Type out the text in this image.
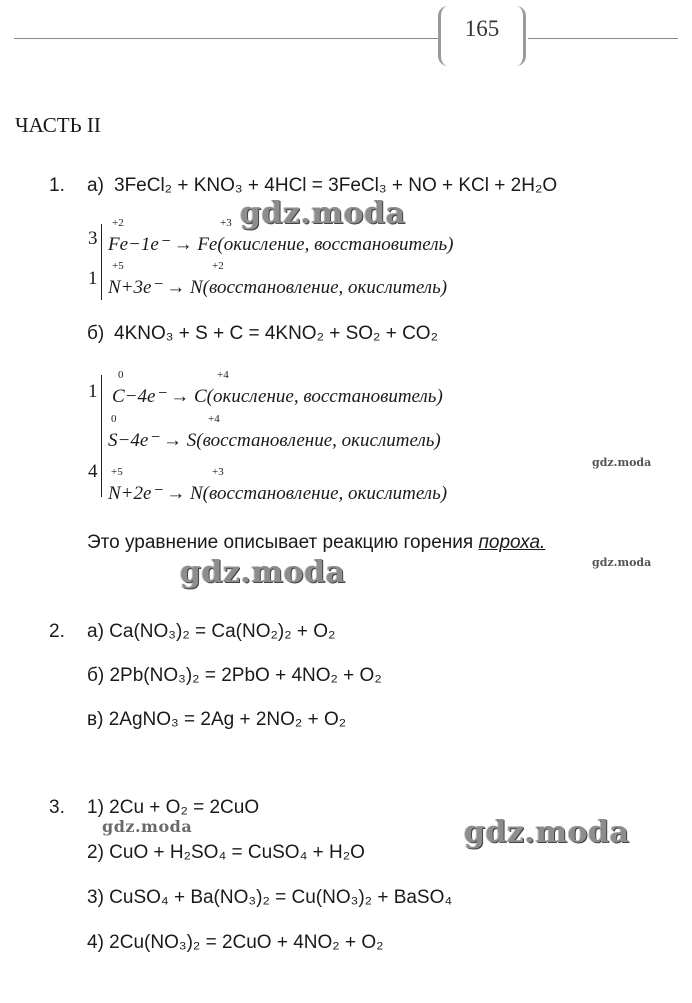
165
ЧАСТЬ II
1. а) 3FeCl₂ + KNO₃ + 4HCl = 3FeCl₃ + NO + KCl + 2H₂O
3
+2
Fe−1e⁻ →
+3
Fe(окисление, восстановитель)
1
+5
N+3e⁻ →
+2
N(восстановление, окислитель)
б) 4KNO₃ + S + C = 4KNO₂ + SO₂ + CO₂
1
0
C−4e⁻ →
+4
C(окисление, восстановитель)
0
S−4e⁻ →
+4
S(восстановление, окислитель)
4 +5
N+2e⁻ →
+3
N(восстановление, окислитель)
Это уравнение описывает реакцию горения пороха.
2. а) Ca(NO₃)₂ = Ca(NO₂)₂ + O₂
б) 2Pb(NO₃)₂ = 2PbO + 4NO₂ + O₂
в) 2AgNO₃ = 2Ag + 2NO₂ + O₂
3. 1) 2Cu + O₂ = 2CuO
2) CuO + H₂SO₄ = CuSO₄ + H₂O
3) CuSO₄ + Ba(NO₃)₂ = Cu(NO₃)₂ + BaSO₄
4) 2Cu(NO₃)₂ = 2CuO + 4NO₂ + O₂
gdz.moda
gdz.moda
gdz.moda	gdz.moda
gdz.moda	gdz.moda
